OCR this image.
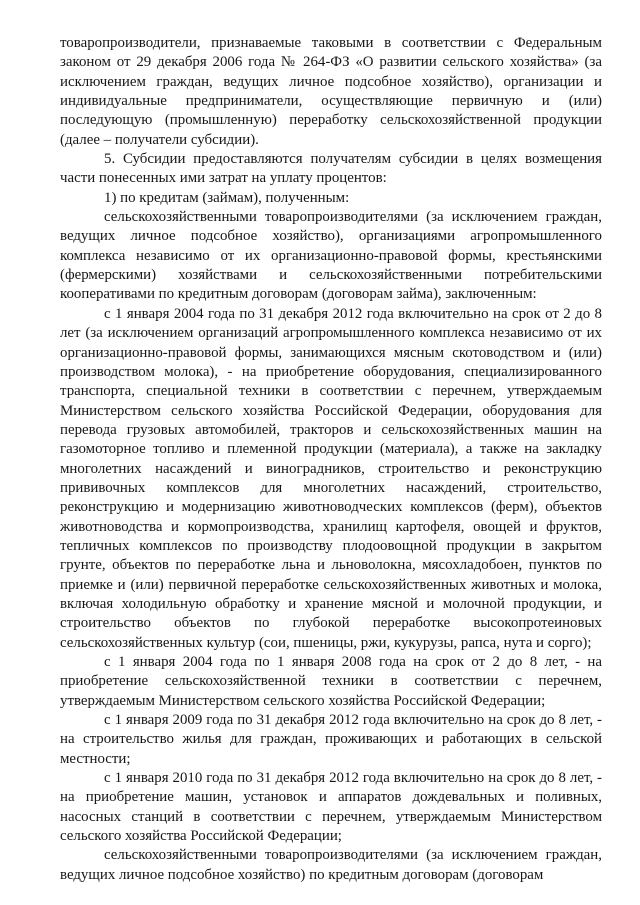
товаропроизводители, признаваемые таковыми в соответствии с Федеральным законом от 29 декабря 2006 года № 264-ФЗ «О развитии сельского хозяйства» (за исключением граждан, ведущих личное подсобное хозяйство), организации и индивидуальные предприниматели, осуществляющие первичную и (или) последующую (промышленную) переработку сельскохозяйственной продукции (далее – получатели субсидии).

5. Субсидии предоставляются получателям субсидии в целях возмещения части понесенных ими затрат на уплату процентов:

1) по кредитам (займам), полученным:

сельскохозяйственными товаропроизводителями (за исключением граждан, ведущих личное подсобное хозяйство), организациями агропромышленного комплекса независимо от их организационно-правовой формы, крестьянскими (фермерскими) хозяйствами и сельскохозяйственными потребительскими кооперативами по кредитным договорам (договорам займа), заключенным:

с 1 января 2004 года по 31 декабря 2012 года включительно на срок от 2 до 8 лет (за исключением организаций агропромышленного комплекса независимо от их организационно-правовой формы, занимающихся мясным скотоводством и (или) производством молока), - на приобретение оборудования, специализированного транспорта, специальной техники в соответствии с перечнем, утверждаемым Министерством сельского хозяйства Российской Федерации, оборудования для перевода грузовых автомобилей, тракторов и сельскохозяйственных машин на газомоторное топливо и племенной продукции (материала), а также на закладку многолетних насаждений и виноградников, строительство и реконструкцию прививочных комплексов для многолетних насаждений, строительство, реконструкцию и модернизацию животноводческих комплексов (ферм), объектов животноводства и кормопроизводства, хранилищ картофеля, овощей и фруктов, тепличных комплексов по производству плодоовощной продукции в закрытом грунте, объектов по переработке льна и льноволокна, мясохладобоен, пунктов по приемке и (или) первичной переработке сельскохозяйственных животных и молока, включая холодильную обработку и хранение мясной и молочной продукции, и строительство объектов по глубокой переработке высокопротеиновых сельскохозяйственных культур (сои, пшеницы, ржи, кукурузы, рапса, нута и сорго);

с 1 января 2004 года по 1 января 2008 года на срок от 2 до 8 лет, - на приобретение сельскохозяйственной техники в соответствии с перечнем, утверждаемым Министерством сельского хозяйства Российской Федерации;

с 1 января 2009 года по 31 декабря 2012 года включительно на срок до 8 лет, - на строительство жилья для граждан, проживающих и работающих в сельской местности;

с 1 января 2010 года по 31 декабря 2012 года включительно на срок до 8 лет, - на приобретение машин, установок и аппаратов дождевальных и поливных, насосных станций в соответствии с перечнем, утверждаемым Министерством сельского хозяйства Российской Федерации;

сельскохозяйственными товаропроизводителями (за исключением граждан, ведущих личное подсобное хозяйство) по кредитным договорам (договорам
